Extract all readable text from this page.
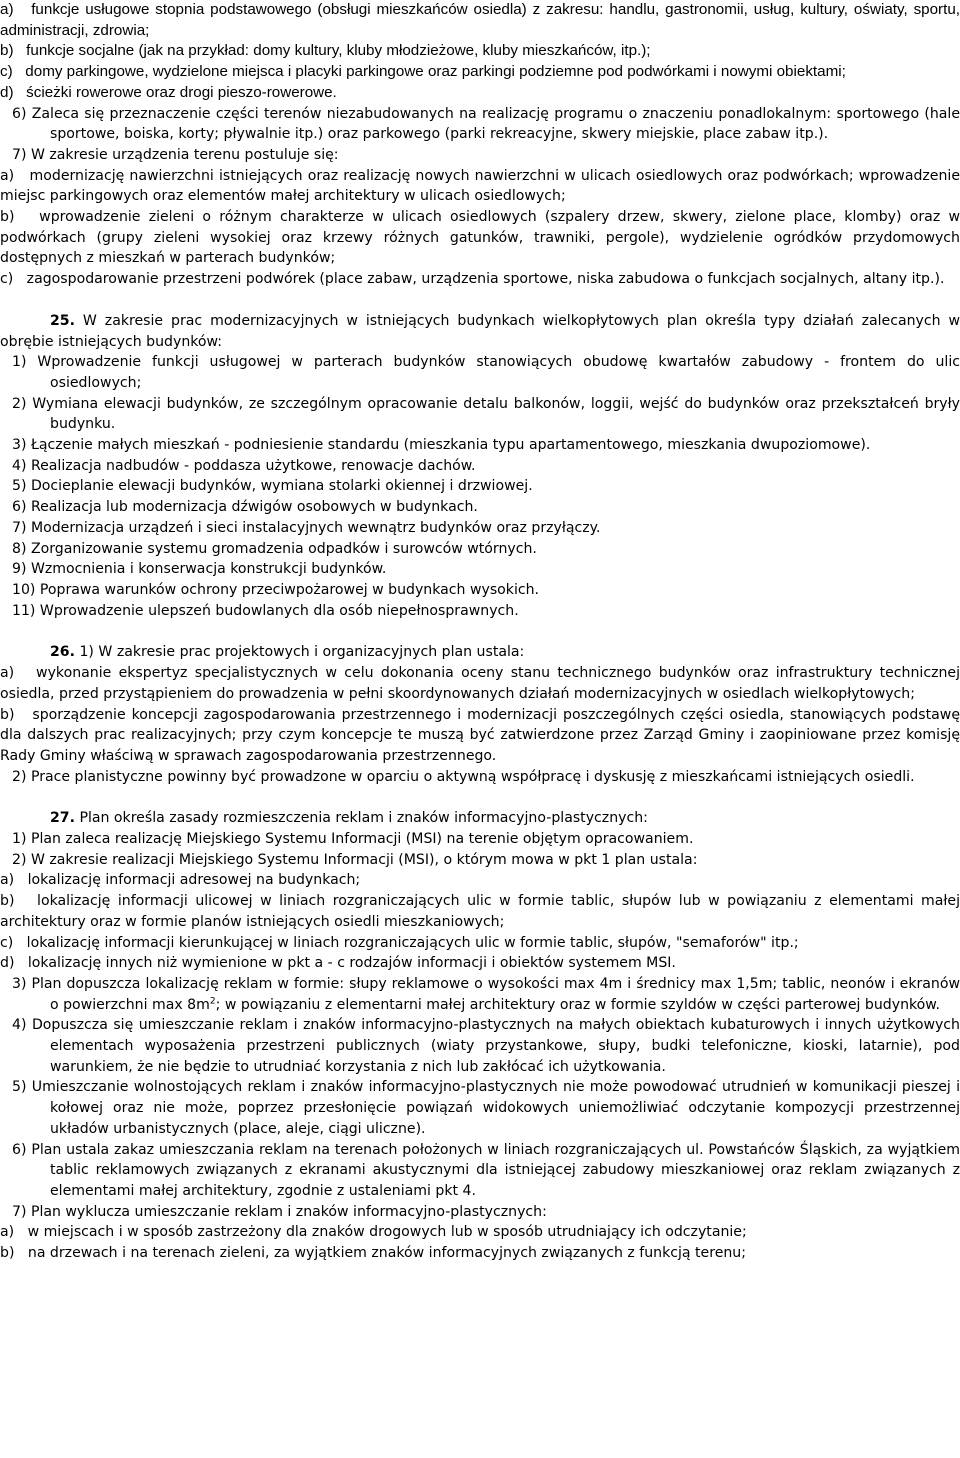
a)   funkcje usługowe stopnia podstawowego (obsługi mieszkańców osiedla) z zakresu: handlu, gastronomii, usług, kultury, oświaty, sportu, administracji, zdrowia;

b)   funkcje socjalne (jak na przykład: domy kultury, kluby młodzieżowe, kluby mieszkańców, itp.);

c)   domy parkingowe, wydzielone miejsca i placyki parkingowe oraz parkingi podziemne pod podwórkami i nowymi obiektami;

d)   ścieżki rowerowe oraz drogi pieszo-rowerowe.

6) Zaleca się przeznaczenie części terenów niezabudowanych na realizację programu o znaczeniu ponadlokalnym: sportowego (hale sportowe, boiska, korty; pływalnie itp.) oraz parkowego (parki rekreacyjne, skwery miejskie, place zabaw itp.).

7) W zakresie urządzenia terenu postuluje się:

a)   modernizację nawierzchni istniejących oraz realizację nowych nawierzchni w ulicach osiedlowych oraz podwórkach; wprowadzenie miejsc parkingowych oraz elementów małej architektury w ulicach osiedlowych;

b)   wprowadzenie zieleni o różnym charakterze w ulicach osiedlowych (szpalery drzew, skwery, zielone place, klomby) oraz w podwórkach (grupy zieleni wysokiej oraz krzewy różnych gatunków, trawniki, pergole), wydzielenie ogródków przydomowych dostępnych z mieszkań w parterach budynków;

c)   zagospodarowanie przestrzeni podwórek (place zabaw, urządzenia sportowe, niska zabudowa o funkcjach socjalnych, altany itp.).

25. W zakresie prac modernizacyjnych w istniejących budynkach wielkopłytowych plan określa typy działań zalecanych w obrębie istniejących budynków:

1) Wprowadzenie funkcji usługowej w parterach budynków stanowiących obudowę kwartałów zabudowy - frontem do ulic osiedlowych;

2) Wymiana elewacji budynków, ze szczególnym opracowanie detalu balkonów, loggii, wejść do budynków oraz przekształceń bryły budynku.

3) Łączenie małych mieszkań - podniesienie standardu (mieszkania typu apartamentowego, mieszkania dwupoziomowe).

4) Realizacja nadbudów - poddasza użytkowe, renowacje dachów.

5) Docieplanie elewacji budynków, wymiana stolarki okiennej i drzwiowej.

6) Realizacja lub modernizacja dźwigów osobowych w budynkach.

7) Modernizacja urządzeń i sieci instalacyjnych wewnątrz budynków oraz przyłączy.

8) Zorganizowanie systemu gromadzenia odpadków i surowców wtórnych.

9) Wzmocnienia i konserwacja konstrukcji budynków.

10) Poprawa warunków ochrony przeciwpożarowej w budynkach wysokich.

11) Wprowadzenie ulepszeń budowlanych dla osób niepełnosprawnych.

26. 1) W zakresie prac projektowych i organizacyjnych plan ustala:

a)   wykonanie ekspertyz specjalistycznych w celu dokonania oceny stanu technicznego budynków oraz infrastruktury technicznej osiedla, przed przystąpieniem do prowadzenia w pełni skoordynowanych działań modernizacyjnych w osiedlach wielkopłytowych;

b)   sporządzenie koncepcji zagospodarowania przestrzennego i modernizacji poszczególnych części osiedla, stanowiących podstawę dla dalszych prac realizacyjnych; przy czym koncepcje te muszą być zatwierdzone przez Zarząd Gminy i zaopiniowane przez komisję Rady Gminy właściwą w sprawach zagospodarowania przestrzennego.

2) Prace planistyczne powinny być prowadzone w oparciu o aktywną współpracę i dyskusję z mieszkańcami istniejących osiedli.

27. Plan określa zasady rozmieszczenia reklam i znaków informacyjno-plastycznych:

1) Plan zaleca realizację Miejskiego Systemu Informacji (MSI) na terenie objętym opracowaniem.

2) W zakresie realizacji Miejskiego Systemu Informacji (MSI), o którym mowa w pkt 1 plan ustala:

a)   lokalizację informacji adresowej na budynkach;

b)   lokalizację informacji ulicowej w liniach rozgraniczających ulic w formie tablic, słupów lub w powiązaniu z elementami małej architektury oraz w formie planów istniejących osiedli mieszkaniowych;

c)   lokalizację informacji kierunkującej w liniach rozgraniczających ulic w formie tablic, słupów, "semaforów" itp.;

d)   lokalizację innych niż wymienione w pkt a - c rodzajów informacji i obiektów systemem MSI.

3) Plan dopuszcza lokalizację reklam w formie: słupy reklamowe o wysokości max 4m i średnicy max 1,5m; tablic, neonów i ekranów o powierzchni $\max 8m^2$; w powiązaniu z elementarni małej architektury oraz w formie szyldów w części parterowej budynków.

4) Dopuszcza się umieszczanie reklam i znaków informacyjno-plastycznych na małych obiektach kubaturowych i innych użytkowych elementach wyposażenia przestrzeni publicznych (wiaty przystankowe, słupy, budki telefoniczne, kioski, latarnie), pod warunkiem, że nie będzie to utrudniać korzystania z nich lub zakłócać ich użytkowania.

5) Umieszczanie wolnostojących reklam i znaków informacyjno-plastycznych nie może powodować utrudnień w komunikacji pieszej i kołowej oraz nie może, poprzez przesłonięcie powiązań widokowych uniemożliwiać odczytanie kompozycji przestrzennej układów urbanistycznych (place, aleje, ciągi uliczne).

6) Plan ustala zakaz umieszczania reklam na terenach położonych w liniach rozgraniczających ul. Powstańców Śląskich, za wyjątkiem tablic reklamowych związanych z ekranami akustycznymi dla istniejącej zabudowy mieszkaniowej oraz reklam związanych z elementami małej architektury, zgodnie z ustaleniami pkt 4.

7) Plan wyklucza umieszczanie reklam i znaków informacyjno-plastycznych:

a)   w miejscach i w sposób zastrzeżony dla znaków drogowych lub w sposób utrudniający ich odczytanie;

b)   na drzewach i na terenach zieleni, za wyjątkiem znaków informacyjnych związanych z funkcją terenu;
